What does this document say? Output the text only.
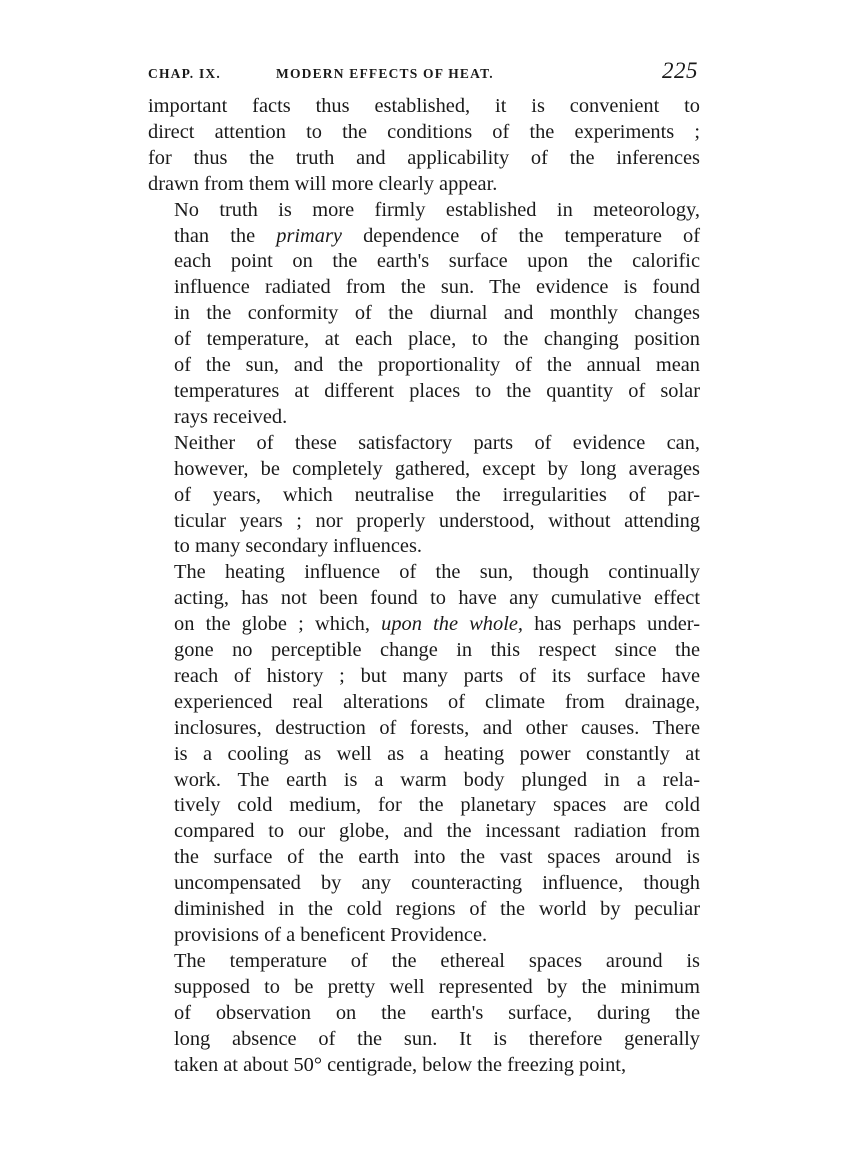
CHAP. IX.	MODERN EFFECTS OF HEAT.	225

important facts thus established, it is convenient to
direct attention to the conditions of the experiments ;
for thus the truth and applicability of the inferences
drawn from them will more clearly appear.

No truth is more firmly established in meteorology,
than the primary dependence of the temperature of
each point on the earth's surface upon the calorific
influence radiated from the sun. The evidence is found
in the conformity of the diurnal and monthly changes
of temperature, at each place, to the changing position
of the sun, and the proportionality of the annual mean
temperatures at different places to the quantity of solar
rays received.

Neither of these satisfactory parts of evidence can,
however, be completely gathered, except by long averages
of years, which neutralise the irregularities of par-
ticular years ; nor properly understood, without attending
to many secondary influences.

The heating influence of the sun, though continually
acting, has not been found to have any cumulative effect
on the globe ; which, upon the whole, has perhaps under-
gone no perceptible change in this respect since the
reach of history ; but many parts of its surface have
experienced real alterations of climate from drainage,
inclosures, destruction of forests, and other causes. There
is a cooling as well as a heating power constantly at
work. The earth is a warm body plunged in a rela-
tively cold medium, for the planetary spaces are cold
compared to our globe, and the incessant radiation from
the surface of the earth into the vast spaces around is
uncompensated by any counteracting influence, though
diminished in the cold regions of the world by peculiar
provisions of a beneficent Providence.

The temperature of the ethereal spaces around is
supposed to be pretty well represented by the minimum
of observation on the earth's surface, during the
long absence of the sun. It is therefore generally
taken at about 50° centigrade, below the freezing point,
